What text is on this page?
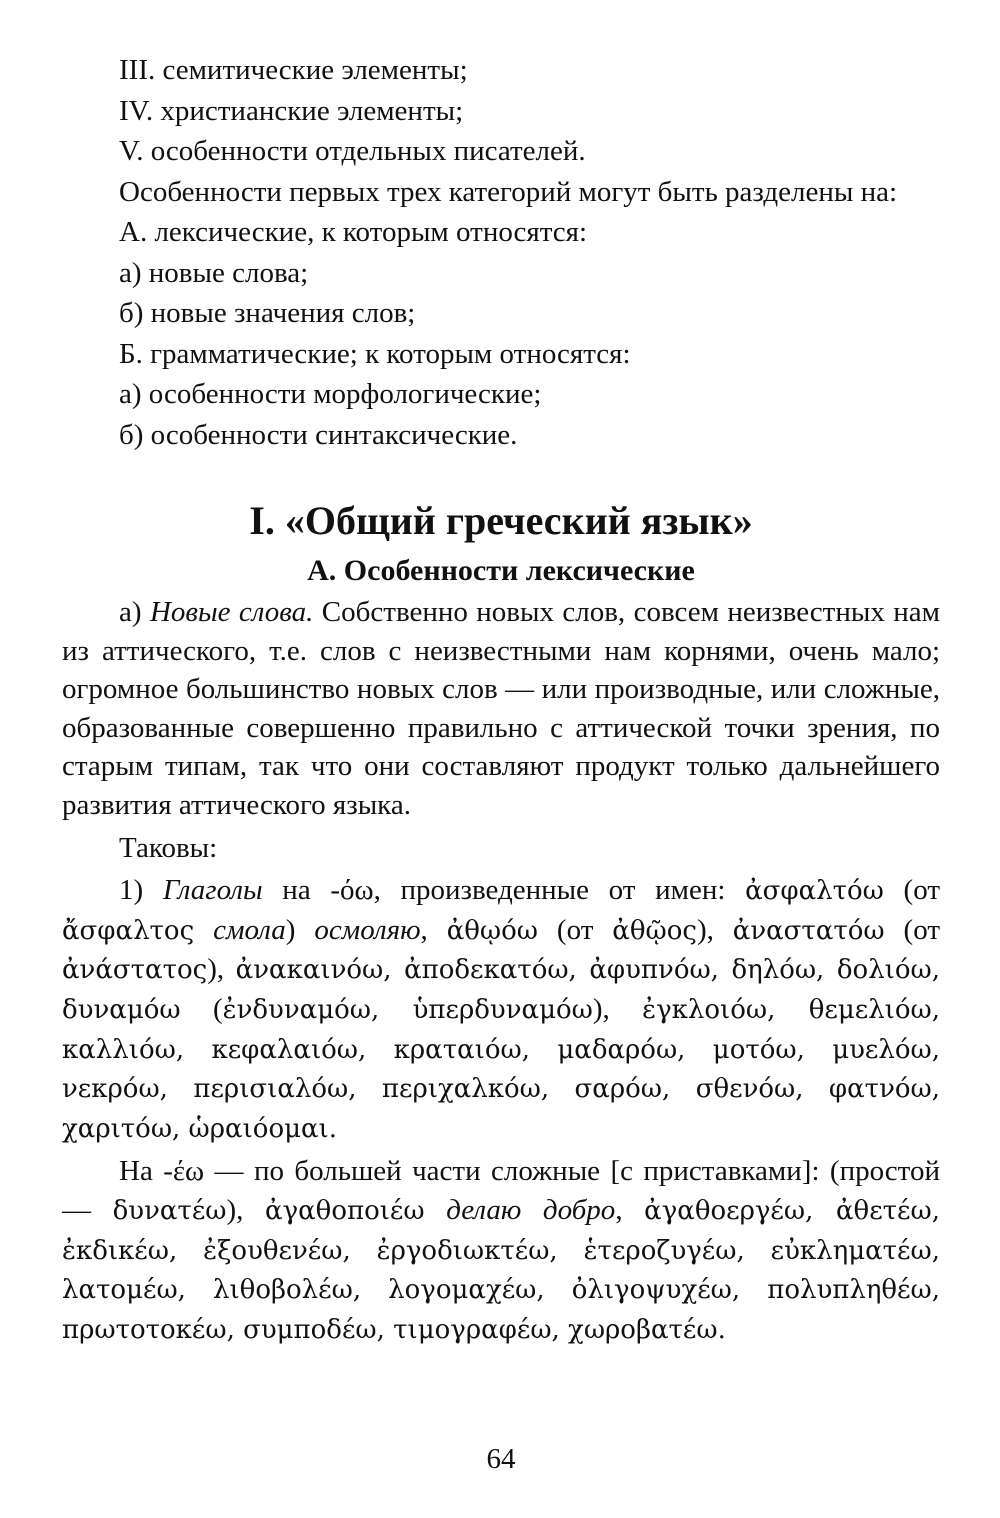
III. семитические элементы;
IV. христианские элементы;
V. особенности отдельных писателей.
Особенности первых трех категорий могут быть разделены на:
А. лексические, к которым относятся:
а) новые слова;
б) новые значения слов;
Б. грамматические; к которым относятся:
а) особенности морфологические;
б) особенности синтаксические.
I. «Общий греческий язык»
А. Особенности лексические

а) Новые слова. Собственно новых слов, совсем неизвестных нам из аттического, т.е. слов с неизвестными нам корнями, очень мало; огромное большинство новых слов — или производные, или сложные, образованные совершенно правильно с аттической точки зрения, по старым типам, так что они составляют продукт только дальнейшего развития аттического языка.

Таковы:

1) Глаголы на -όω, произведенные от имен: ἀσφαλτόω (от ἄσφαλτος смола) осмоляю, ἀθῳόω (от ἀθῷος), ἀναστατόω (от ἀνάστατος), ἀνακαινόω, ἀποδεκατόω, ἀφυπνόω, δηλόω, δολιόω, δυναμόω (ἐνδυναμόω, ὑπερδυναμόω), ἐγκλοιόω, θεμελιόω, καλλιόω, κεφαλαιόω, κραταιόω, μαδαρόω, μοτόω, μυελόω, νεκρόω, περισιαλόω, περιχαλκόω, σαρόω, σθενόω, φατνόω, χαριτόω, ὡραιόομαι.

На -έω — по большей части сложные [с приставками]: (простой — δυνατέω), ἀγαθοποιέω делаю добро, ἀγαθοεργέω, ἀθετέω, ἐκδικέω, ἐξουθενέω, ἐργοδιωκτέω, ἑτεροζυγέω, εὐκληματέω, λατομέω, λιθοβολέω, λογομαχέω, ὀλιγοψυχέω, πολυπληθέω, πρωτοτοκέω, συμποδέω, τιμογραφέω, χωροβατέω.

64
